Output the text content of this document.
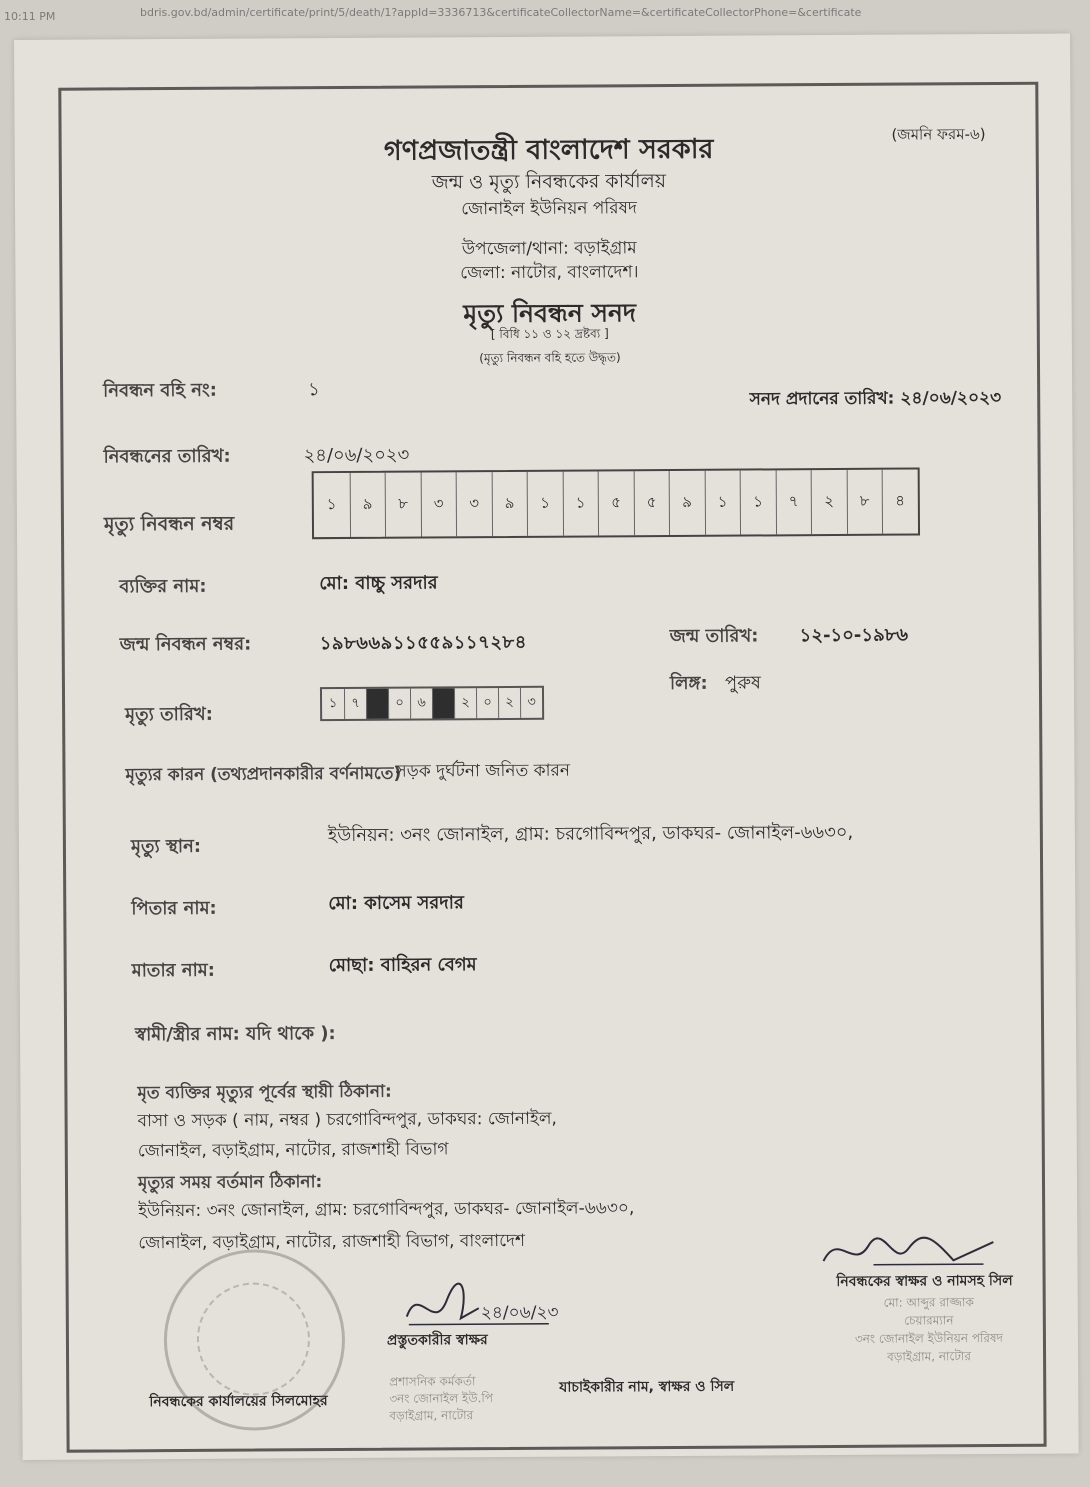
10:11 PM	bdris.gov.bd/admin/certificate/print/5/death/1?appId=3336713&certificateCollectorName=&certificateCollectorPhone=&certificate
গণপ্রজাতন্ত্রী বাংলাদেশ সরকার	(জমনি ফরম-৬)
জন্ম ও মৃত্যু নিবন্ধকের কার্যালয়
জোনাইল ইউনিয়ন পরিষদ
উপজেলা/থানা: বড়াইগ্রাম
জেলা: নাটোর, বাংলাদেশ।
মৃত্যু নিবন্ধন সনদ
[ বিধি ১১ ও ১২ দ্রষ্টব্য ]
(মৃত্যু নিবন্ধন বহি হতে উদ্ধৃত)
নিবন্ধন বহি নং:	১	সনদ প্রদানের তারিখ: ২৪/০৬/২০২৩
নিবন্ধনের তারিখ:	২৪/০৬/২০২৩
মৃত্যু নিবন্ধন নম্বর
১	৯	৮	৩	৩	৯	১	১	৫	৫	৯	১	১	৭	২	৮	৪
ব্যক্তির নাম:	মো: বাচ্চু সরদার
জন্ম নিবন্ধন নম্বর:	১৯৮৬৬৯১১৫৫৯১১৭২৮৪	জন্ম তারিখ: ১২-১০-১৯৮৬
লিঙ্গ: পুরুষ
মৃত্যু তারিখ:
১	৭	০	৬	২	০	২	৩
মৃত্যুর কারন (তথ্যপ্রদানকারীর বর্ণনামতে)
সড়ক দুর্ঘটনা জনিত কারন
মৃত্যু স্থান:
ইউনিয়ন: ৩নং জোনাইল, গ্রাম: চরগোবিন্দপুর, ডাকঘর- জোনাইল-৬৬৩০,
পিতার নাম:	মো: কাসেম সরদার
মাতার নাম:	মোছা: বাহিরন বেগম
স্বামী/স্ত্রীর নাম: যদি থাকে ):
মৃত ব্যক্তির মৃত্যুর পূর্বের স্থায়ী ঠিকানা:
বাসা ও সড়ক ( নাম, নম্বর ) চরগোবিন্দপুর, ডাকঘর: জোনাইল,
জোনাইল, বড়াইগ্রাম, নাটোর, রাজশাহী বিভাগ
মৃত্যুর সময় বর্তমান ঠিকানা:
ইউনিয়ন: ৩নং জোনাইল, গ্রাম: চরগোবিন্দপুর, ডাকঘর- জোনাইল-৬৬৩০,
জোনাইল, বড়াইগ্রাম, নাটোর, রাজশাহী বিভাগ, বাংলাদেশ
প্রশাসনিক কর্মকর্তা
৩নং জোনাইল ইউ.পি
বড়াইগ্রাম, নাটোর
২৪/০৬/২৩
প্রস্তুতকারীর স্বাক্ষর
নিবন্ধকের স্বাক্ষর ও নামসহ সিল
মো: আব্দুর রাজ্জাক
চেয়ারম্যান
৩নং জোনাইল ইউনিয়ন পরিষদ
বড়াইগ্রাম, নাটোর
যাচাইকারীর নাম, স্বাক্ষর ও সিল
নিবন্ধকের কার্যালয়ের সিলমোহর
